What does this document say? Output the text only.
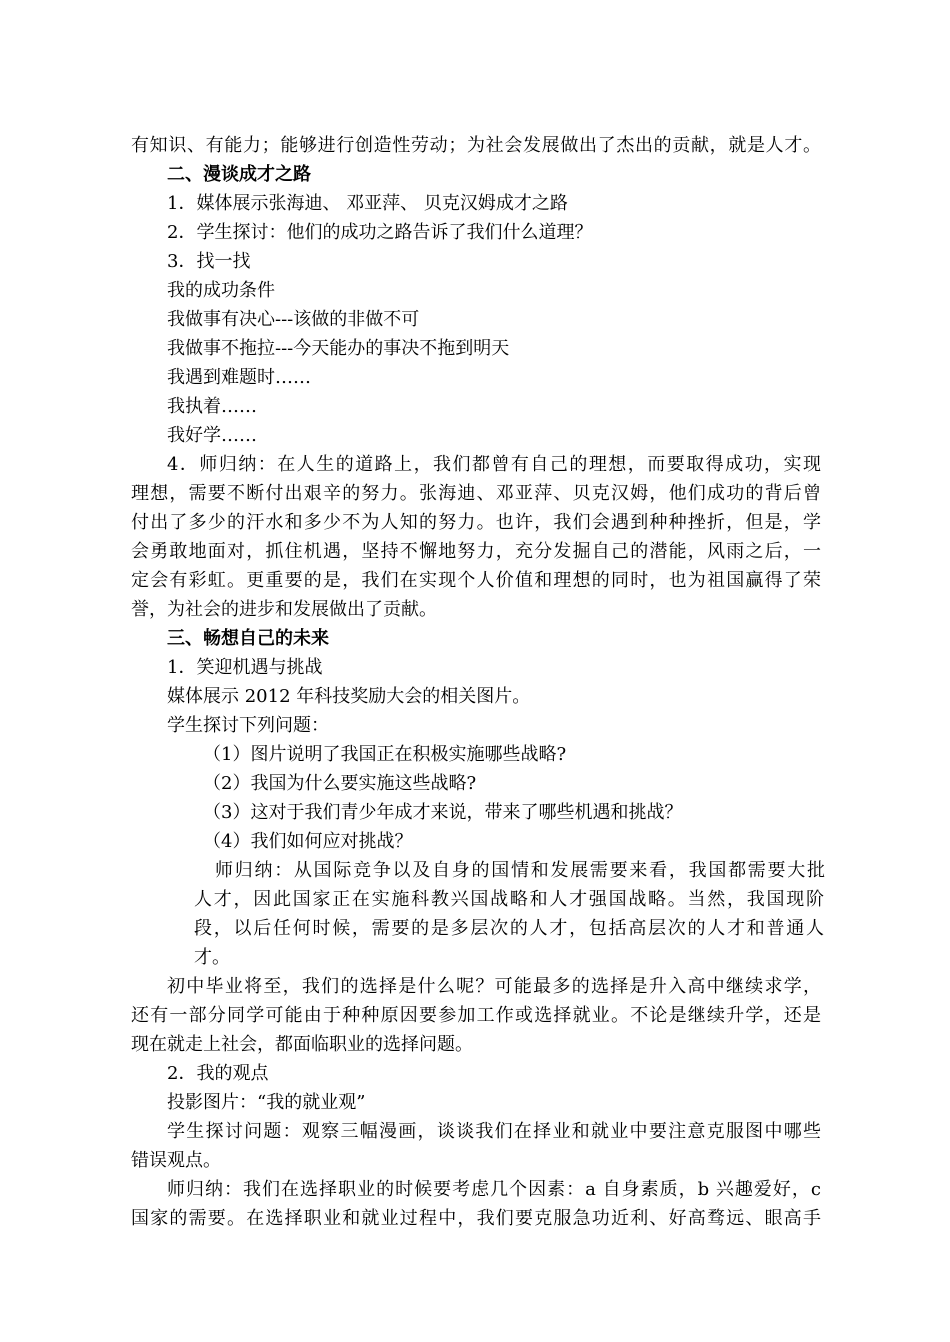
有知识、有能力；能够进行创造性劳动；为社会发展做出了杰出的贡献，就是人才。
二、漫谈成才之路
1．媒体展示张海迪、 邓亚萍、 贝克汉姆成才之路
2．学生探讨：他们的成功之路告诉了我们什么道理？
3．找一找
我的成功条件
我做事有决心---该做的非做不可
我做事不拖拉---今天能办的事决不拖到明天
我遇到难题时……
我执着……
我好学……
4．师归纳：在人生的道路上，我们都曾有自己的理想，而要取得成功，实现
理想，需要不断付出艰辛的努力。张海迪、邓亚萍、贝克汉姆，他们成功的背后曾
付出了多少的汗水和多少不为人知的努力。也许，我们会遇到种种挫折，但是，学
会勇敢地面对，抓住机遇，坚持不懈地努力，充分发掘自己的潜能，风雨之后，一
定会有彩虹。更重要的是，我们在实现个人价值和理想的同时，也为祖国赢得了荣
誉，为社会的进步和发展做出了贡献。
三、畅想自己的未来
1．笑迎机遇与挑战
媒体展示 2012 年科技奖励大会的相关图片。
学生探讨下列问题：
（1）图片说明了我国正在积极实施哪些战略?
（2）我国为什么要实施这些战略?
（3）这对于我们青少年成才来说，带来了哪些机遇和挑战？
（4）我们如何应对挑战？
师归纳：从国际竞争以及自身的国情和发展需要来看，我国都需要大批
人才，因此国家正在实施科教兴国战略和人才强国战略。当然，我国现阶
段，以后任何时候，需要的是多层次的人才，包括高层次的人才和普通人
才。
初中毕业将至，我们的选择是什么呢？可能最多的选择是升入高中继续求学，
还有一部分同学可能由于种种原因要参加工作或选择就业。不论是继续升学，还是
现在就走上社会，都面临职业的选择问题。
2．我的观点
投影图片：“我的就业观”
学生探讨问题：观察三幅漫画，谈谈我们在择业和就业中要注意克服图中哪些
错误观点。
师归纳：我们在选择职业的时候要考虑几个因素：a 自身素质，b 兴趣爱好，c
国家的需要。在选择职业和就业过程中，我们要克服急功近利、好高骛远、眼高手
